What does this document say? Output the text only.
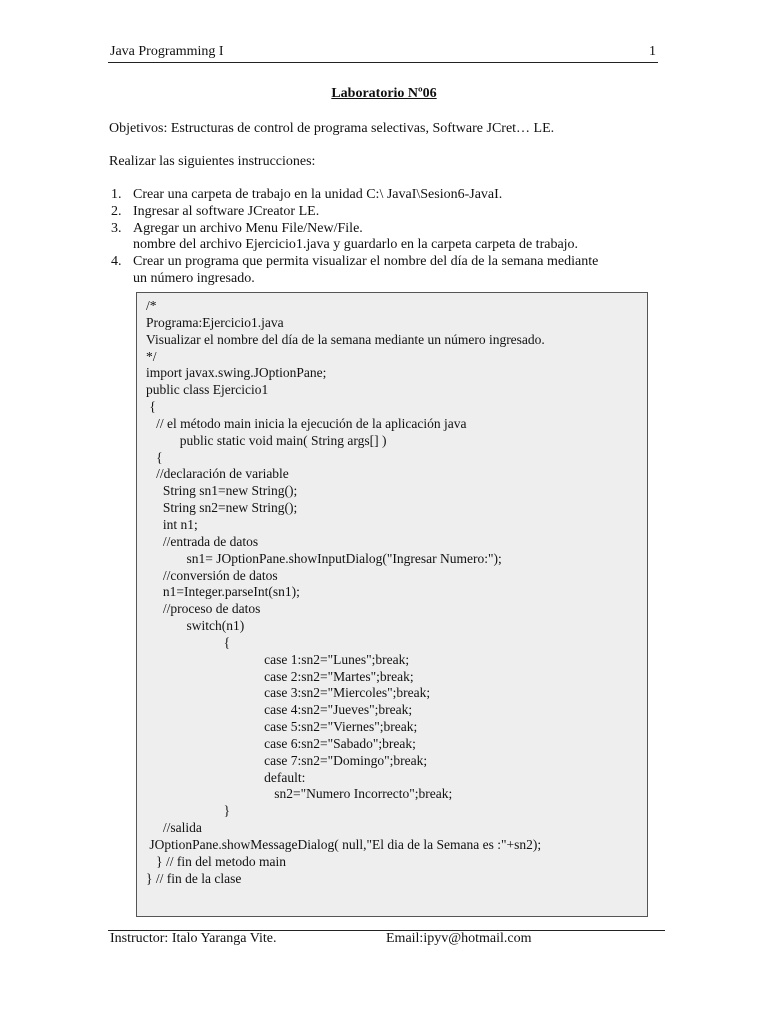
Java Programming I	1
Laboratorio Nº06
Objetivos: Estructuras de control de programa selectivas, Software JCret… LE.
Realizar las siguientes instrucciones:
1. Crear una carpeta de trabajo en la unidad C:\ JavaI\Sesion6-JavaI.
2. Ingresar al software JCreator LE.
3. Agregar un archivo Menu File/New/File.
nombre del archivo Ejercicio1.java y guardarlo en la carpeta carpeta de trabajo.
4. Crear un programa que permita visualizar el nombre del día de la semana mediante
un número ingresado.
/*
Programa:Ejercicio1.java
Visualizar el nombre del día de la semana mediante un número ingresado.
*/
import javax.swing.JOptionPane;
public class Ejercicio1
{
// el método main inicia la ejecución de la aplicación java
public static void main( String args[] )
{
//declaración de variable
String sn1=new String();
String sn2=new String();
int n1;
//entrada de datos
sn1= JOptionPane.showInputDialog("Ingresar Numero:");
//conversión de datos
n1=Integer.parseInt(sn1);
//proceso de datos
switch(n1)
{
case 1:sn2="Lunes";break;
case 2:sn2="Martes";break;
case 3:sn2="Miercoles";break;
case 4:sn2="Jueves";break;
case 5:sn2="Viernes";break;
case 6:sn2="Sabado";break;
case 7:sn2="Domingo";break;
default:
sn2="Numero Incorrecto";break;
}
//salida
JOptionPane.showMessageDialog( null,"El dia de la Semana es :"+sn2);
} // fin del metodo main
} // fin de la clase
Instructor: Italo Yaranga Vite.	Email:ipyv@hotmail.com
